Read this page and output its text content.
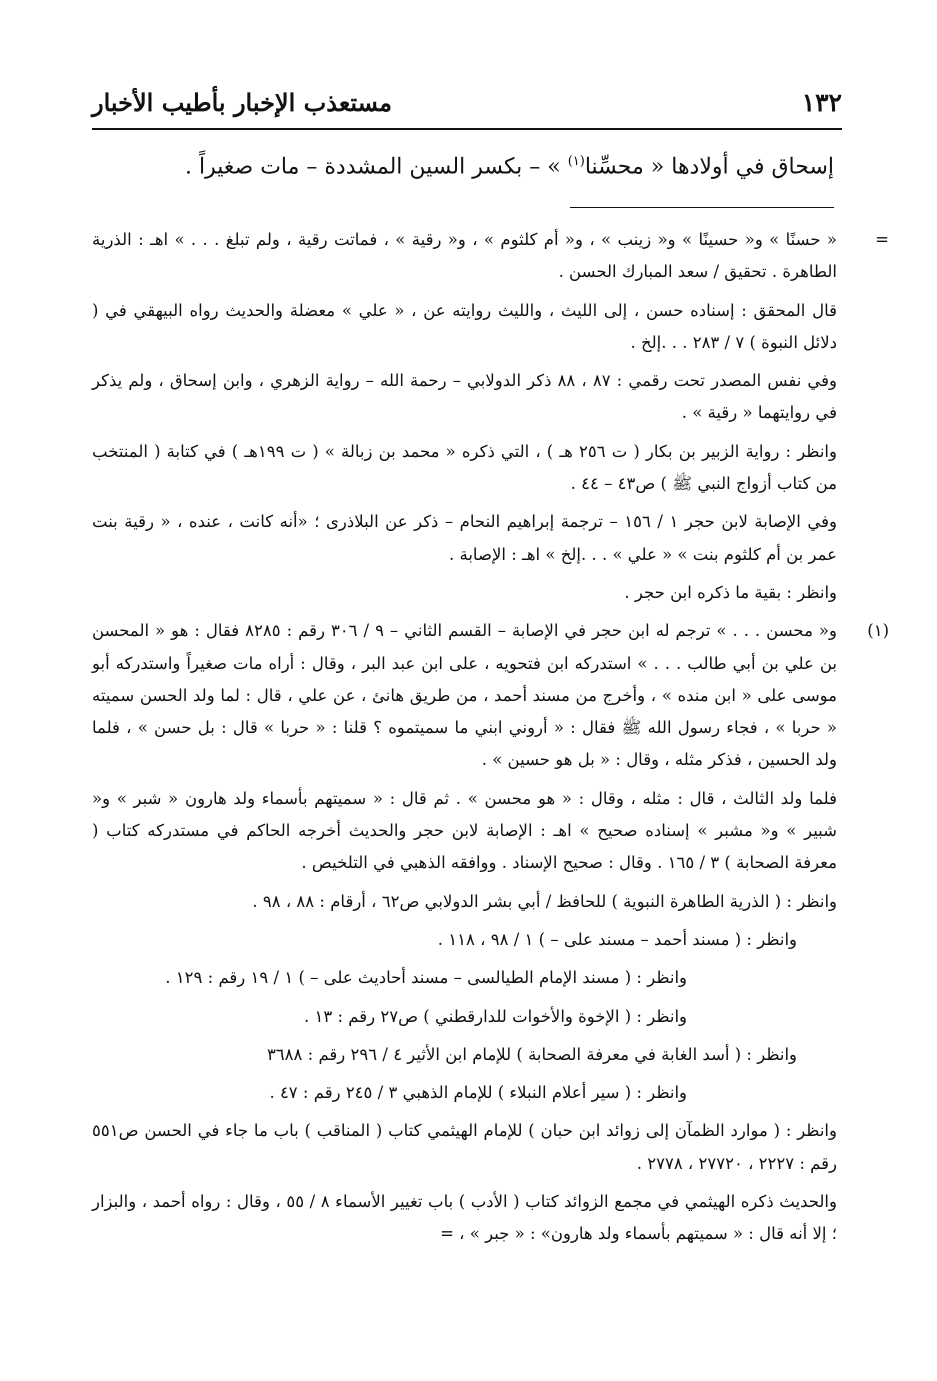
١٣٢
مستعذب الإخبار بأطيب الأخبار
إسحاق في أولادها « محسِّنا$^{(١)}$ » – بكسر السين المشددة – مات صغيراً .
=
« حسنًا » و« حسينًا » و« زينب » ، و« أم كلثوم » ، و« رقية » ، فماتت رقية ، ولم تبلغ . . . » اهـ : الذرية الطاهرة . تحقيق / سعد المبارك الحسن .
قال المحقق : إسناده حسن ، إلى الليث ، والليث روايته عن ، « علي » معضلة والحديث رواه البيهقي في ( دلائل النبوة ) ٧ / ٢٨٣ . . .إلخ .
وفي نفس المصدر تحت رقمي : ٨٧ ، ٨٨ ذكر الدولابي – رحمة الله – رواية الزهري ، وابن إسحاق ، ولم يذكر في روايتهما « رقية » .
وانظر : رواية الزبير بن بكار ( ت ٢٥٦ هـ ) ، التي ذكره « محمد بن زبالة » ( ت ١٩٩هـ ) في كتابة ( المنتخب من كتاب أزواج النبي ﷺ ) ص٤٣ – ٤٤ .
وفي الإصابة لابن حجر ١ / ١٥٦ – ترجمة إبراهيم النحام – ذكر عن البلاذرى ؛ «أنه كانت ، عنده ، « رقية بنت عمر بن أم كلثوم بنت » « علي » . . .إلخ » اهـ : الإصابة .
وانظر : بقية ما ذكره ابن حجر .
(١)
و« محسن . . . » ترجم له ابن حجر في الإصابة – القسم الثاني – ٩ / ٣٠٦ رقم : ٨٢٨٥ فقال : هو « المحسن بن علي بن أبي طالب . . . » استدركه ابن فتحويه ، على ابن عبد البر ، وقال : أراه مات صغيراً واستدركه أبو موسى على « ابن منده » ، وأخرج من مسند أحمد ، من طريق هانئ ، عن علي ، قال : لما ولد الحسن سميته « حربا » ، فجاء رسول الله ﷺ فقال : « أروني ابني ما سميتموه ؟ قلنا : « حربا » قال : بل حسن » ، فلما ولد الحسين ، فذكر مثله ، وقال : « بل هو حسين » .
فلما ولد الثالث ، قال : مثله ، وقال : « هو محسن » . ثم قال : « سميتهم بأسماء ولد هارون « شبر » و« شبير » و« مشبر » إسناده صحيح » اهـ : الإصابة لابن حجر والحديث أخرجه الحاكم في مستدركه كتاب ( معرفة الصحابة ) ٣ / ١٦٥ . وقال : صحيح الإسناد . ووافقه الذهبي في التلخيص .
وانظر : ( الذرية الطاهرة النبوية ) للحافظ / أبي بشر الدولابي ص٦٢ ، أرقام : ٨٨ ، ٩٨ .
وانظر : ( مسند أحمد – مسند على – ) ١ / ٩٨ ، ١١٨ .
وانظر : ( مسند الإمام الطيالسى – مسند أحاديث على – ) ١ / ١٩ رقم : ١٢٩ .
وانظر : ( الإخوة والأخوات للدارقطني ) ص٢٧ رقم : ١٣ .
وانظر : ( أسد الغابة في معرفة الصحابة ) للإمام ابن الأثير ٤ / ٢٩٦ رقم : ٣٦٨٨
وانظر : ( سير أعلام النبلاء ) للإمام الذهبي ٣ / ٢٤٥ رقم : ٤٧ .
وانظر : ( موارد الظمآن إلى زوائد ابن حبان ) للإمام الهيثمي كتاب ( المناقب ) باب ما جاء في الحسن ص٥٥١ رقم : ٢٢٢٧ ، ٢٧٧٢٠ ، ٢٧٧٨ .
والحديث ذكره الهيثمي في مجمع الزوائد كتاب ( الأدب ) باب تغيير الأسماء ٨ / ٥٥ ، وقال : رواه أحمد ، والبزار ؛ إلا أنه قال : « سميتهم بأسماء ولد هارون» : « جبر » ، =
